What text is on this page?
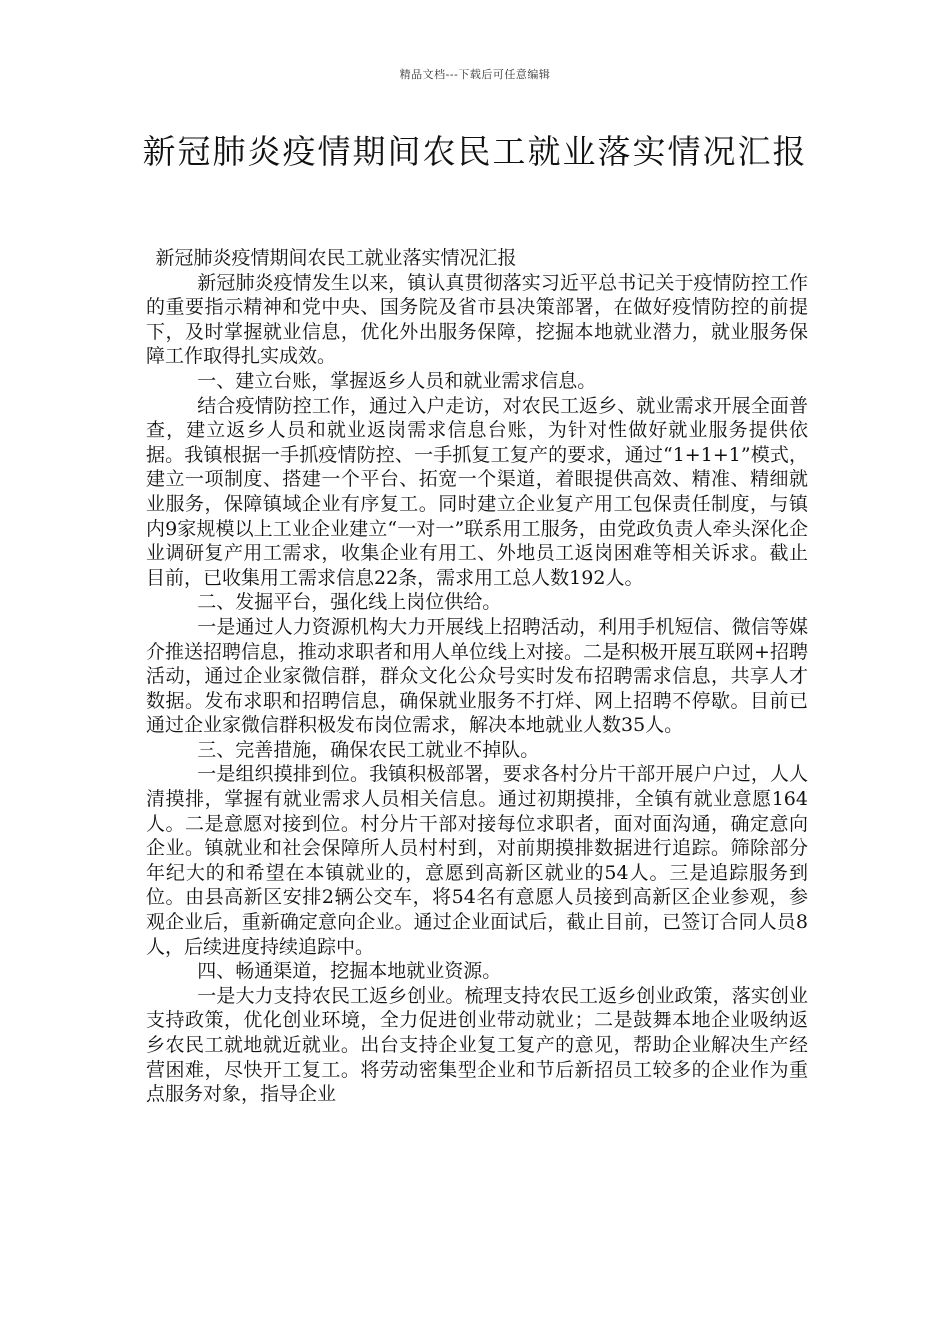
精品文档---下载后可任意编辑
新冠肺炎疫情期间农民工就业落实情况汇报

新冠肺炎疫情期间农民工就业落实情况汇报

新冠肺炎疫情发生以来，镇认真贯彻落实习近平总书记关于疫情防控工作的重要指示精神和党中央、国务院及省市县决策部署，在做好疫情防控的前提下，及时掌握就业信息，优化外出服务保障，挖掘本地就业潜力，就业服务保障工作取得扎实成效。

一、建立台账，掌握返乡人员和就业需求信息。

结合疫情防控工作，通过入户走访，对农民工返乡、就业需求开展全面普查，建立返乡人员和就业返岗需求信息台账，为针对性做好就业服务提供依据。我镇根据一手抓疫情防控、一手抓复工复产的要求，通过“1+1+1”模式，建立一项制度、搭建一个平台、拓宽一个渠道，着眼提供高效、精准、精细就业服务，保障镇域企业有序复工。同时建立企业复产用工包保责任制度，与镇内9家规模以上工业企业建立“一对一”联系用工服务，由党政负责人牵头深化企业调研复产用工需求，收集企业有用工、外地员工返岗困难等相关诉求。截止目前，已收集用工需求信息22条，需求用工总人数192人。

二、发掘平台，强化线上岗位供给。

一是通过人力资源机构大力开展线上招聘活动，利用手机短信、微信等媒介推送招聘信息，推动求职者和用人单位线上对接。二是积极开展互联网+招聘活动，通过企业家微信群，群众文化公众号实时发布招聘需求信息，共享人才数据。发布求职和招聘信息，确保就业服务不打烊、网上招聘不停歇。目前已通过企业家微信群积极发布岗位需求，解决本地就业人数35人。

三、完善措施，确保农民工就业不掉队。

一是组织摸排到位。我镇积极部署，要求各村分片干部开展户户过，人人清摸排，掌握有就业需求人员相关信息。通过初期摸排，全镇有就业意愿164人。二是意愿对接到位。村分片干部对接每位求职者，面对面沟通，确定意向企业。镇就业和社会保障所人员村村到，对前期摸排数据进行追踪。筛除部分年纪大的和希望在本镇就业的，意愿到高新区就业的54人。三是追踪服务到位。由县高新区安排2辆公交车，将54名有意愿人员接到高新区企业参观，参观企业后，重新确定意向企业。通过企业面试后，截止目前，已签订合同人员8人，后续进度持续追踪中。

四、畅通渠道，挖掘本地就业资源。

一是大力支持农民工返乡创业。梳理支持农民工返乡创业政策，落实创业支持政策，优化创业环境，全力促进创业带动就业；二是鼓舞本地企业吸纳返乡农民工就地就近就业。出台支持企业复工复产的意见，帮助企业解决生产经营困难，尽快开工复工。将劳动密集型企业和节后新招员工较多的企业作为重点服务对象，指导企业
